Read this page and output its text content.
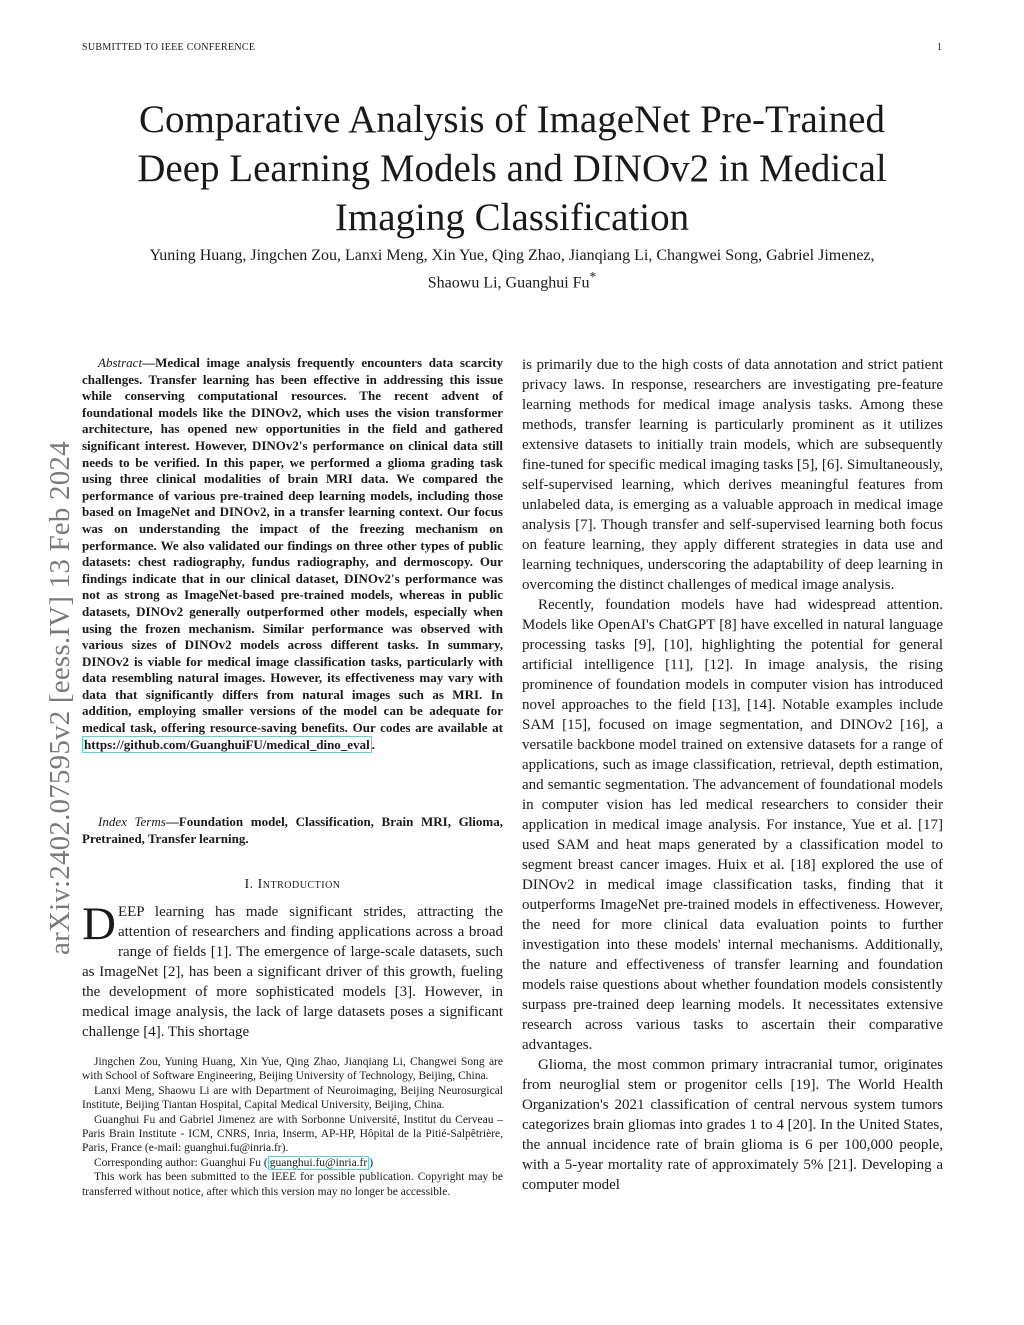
SUBMITTED TO IEEE CONFERENCE	1
arXiv:2402.07595v2 [eess.IV] 13 Feb 2024
Comparative Analysis of ImageNet Pre-Trained Deep Learning Models and DINOv2 in Medical Imaging Classification
Yuning Huang, Jingchen Zou, Lanxi Meng, Xin Yue, Qing Zhao, Jianqiang Li, Changwei Song, Gabriel Jimenez,
Shaowu Li, Guanghui Fu*

Abstract—Medical image analysis frequently encounters data scarcity challenges. Transfer learning has been effective in addressing this issue while conserving computational resources. The recent advent of foundational models like the DINOv2, which uses the vision transformer architecture, has opened new opportunities in the field and gathered significant interest. However, DINOv2's performance on clinical data still needs to be verified. In this paper, we performed a glioma grading task using three clinical modalities of brain MRI data. We compared the performance of various pre-trained deep learning models, including those based on ImageNet and DINOv2, in a transfer learning context. Our focus was on understanding the impact of the freezing mechanism on performance. We also validated our findings on three other types of public datasets: chest radiography, fundus radiography, and dermoscopy. Our findings indicate that in our clinical dataset, DINOv2's performance was not as strong as ImageNet-based pre-trained models, whereas in public datasets, DINOv2 generally outperformed other models, especially when using the frozen mechanism. Similar performance was observed with various sizes of DINOv2 models across different tasks. In summary, DINOv2 is viable for medical image classification tasks, particularly with data resembling natural images. However, its effectiveness may vary with data that significantly differs from natural images such as MRI. In addition, employing smaller versions of the model can be adequate for medical task, offering resource-saving benefits. Our codes are available at https://github.com/GuanghuiFU/medical_dino_eval .

Index Terms—Foundation model, Classification, Brain MRI, Glioma, Pretrained, Transfer learning.

I. Introduction

DEEP learning has made significant strides, attracting the attention of researchers and finding applications across a broad range of fields [1]. The emergence of large-scale datasets, such as ImageNet [2], has been a significant driver of this growth, fueling the development of more sophisticated models [3]. However, in medical image analysis, the lack of large datasets poses a significant challenge [4]. This shortage

Jingchen Zou, Yuning Huang, Xin Yue, Qing Zhao, Jianqiang Li, Changwei Song are with School of Software Engineering, Beijing University of Technology, Beijing, China.

Lanxi Meng, Shaowu Li are with Department of Neuroimaging, Beijing Neurosurgical Institute, Beijing Tiantan Hospital, Capital Medical University, Beijing, China.

Guanghui Fu and Gabriel Jimenez are with Sorbonne Université, Institut du Cerveau – Paris Brain Institute - ICM, CNRS, Inria, Inserm, AP-HP, Hôpital de la Pitié-Salpêtrière, Paris, France (e-mail: guanghui.fu@inria.fr).

Corresponding author: Guanghui Fu ( guanghui.fu@inria.fr )

This work has been submitted to the IEEE for possible publication. Copyright may be transferred without notice, after which this version may no longer be accessible.

is primarily due to the high costs of data annotation and strict patient privacy laws. In response, researchers are investigating pre-feature learning methods for medical image analysis tasks. Among these methods, transfer learning is particularly prominent as it utilizes extensive datasets to initially train models, which are subsequently fine-tuned for specific medical imaging tasks [5], [6]. Simultaneously, self-supervised learning, which derives meaningful features from unlabeled data, is emerging as a valuable approach in medical image analysis [7]. Though transfer and self-supervised learning both focus on feature learning, they apply different strategies in data use and learning techniques, underscoring the adaptability of deep learning in overcoming the distinct challenges of medical image analysis.

Recently, foundation models have had widespread attention. Models like OpenAI's ChatGPT [8] have excelled in natural language processing tasks [9], [10], highlighting the potential for general artificial intelligence [11], [12]. In image analysis, the rising prominence of foundation models in computer vision has introduced novel approaches to the field [13], [14]. Notable examples include SAM [15], focused on image segmentation, and DINOv2 [16], a versatile backbone model trained on extensive datasets for a range of applications, such as image classification, retrieval, depth estimation, and semantic segmentation. The advancement of foundational models in computer vision has led medical researchers to consider their application in medical image analysis. For instance, Yue et al. [17] used SAM and heat maps generated by a classification model to segment breast cancer images. Huix et al. [18] explored the use of DINOv2 in medical image classification tasks, finding that it outperforms ImageNet pre-trained models in effectiveness. However, the need for more clinical data evaluation points to further investigation into these models' internal mechanisms. Additionally, the nature and effectiveness of transfer learning and foundation models raise questions about whether foundation models consistently surpass pre-trained deep learning models. It necessitates extensive research across various tasks to ascertain their comparative advantages.

Glioma, the most common primary intracranial tumor, originates from neuroglial stem or progenitor cells [19]. The World Health Organization's 2021 classification of central nervous system tumors categorizes brain gliomas into grades 1 to 4 [20]. In the United States, the annual incidence rate of brain glioma is 6 per 100,000 people, with a 5-year mortality rate of approximately 5% [21]. Developing a computer model
